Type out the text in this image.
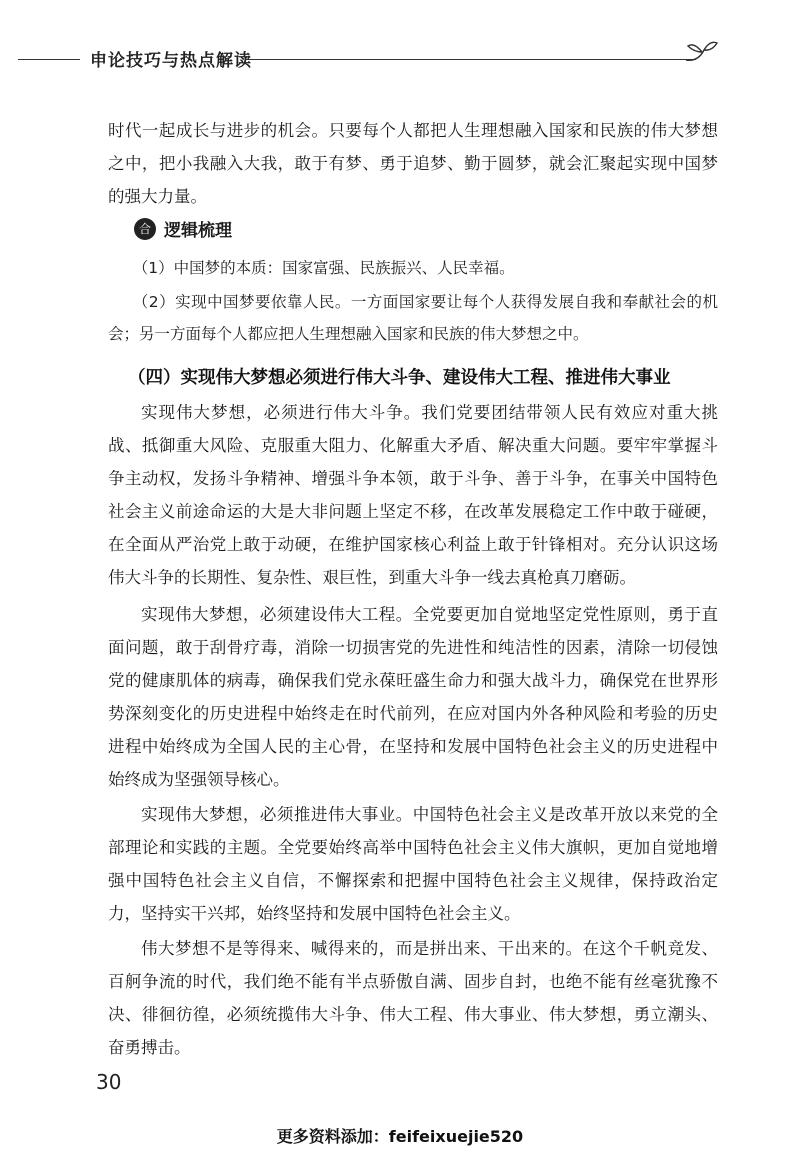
申论技巧与热点解读

时代一起成长与进步的机会。只要每个人都把人生理想融入国家和民族的伟大梦想之中，把小我融入大我，敢于有梦、勇于追梦、勤于圆梦，就会汇聚起实现中国梦的强大力量。

合 逻辑梳理

（1）中国梦的本质：国家富强、民族振兴、人民幸福。

（2）实现中国梦要依靠人民。一方面国家要让每个人获得发展自我和奉献社会的机会；另一方面每个人都应把人生理想融入国家和民族的伟大梦想之中。

（四）实现伟大梦想必须进行伟大斗争、建设伟大工程、推进伟大事业

实现伟大梦想，必须进行伟大斗争。我们党要团结带领人民有效应对重大挑战、抵御重大风险、克服重大阻力、化解重大矛盾、解决重大问题。要牢牢掌握斗争主动权，发扬斗争精神、增强斗争本领，敢于斗争、善于斗争，在事关中国特色社会主义前途命运的大是大非问题上坚定不移，在改革发展稳定工作中敢于碰硬，在全面从严治党上敢于动硬，在维护国家核心利益上敢于针锋相对。充分认识这场伟大斗争的长期性、复杂性、艰巨性，到重大斗争一线去真枪真刀磨砺。

实现伟大梦想，必须建设伟大工程。全党要更加自觉地坚定党性原则，勇于直面问题，敢于刮骨疗毒，消除一切损害党的先进性和纯洁性的因素，清除一切侵蚀党的健康肌体的病毒，确保我们党永葆旺盛生命力和强大战斗力，确保党在世界形势深刻变化的历史进程中始终走在时代前列，在应对国内外各种风险和考验的历史进程中始终成为全国人民的主心骨，在坚持和发展中国特色社会主义的历史进程中始终成为坚强领导核心。

实现伟大梦想，必须推进伟大事业。中国特色社会主义是改革开放以来党的全部理论和实践的主题。全党要始终高举中国特色社会主义伟大旗帜，更加自觉地增强中国特色社会主义自信，不懈探索和把握中国特色社会主义规律，保持政治定力，坚持实干兴邦，始终坚持和发展中国特色社会主义。

伟大梦想不是等得来、喊得来的，而是拼出来、干出来的。在这个千帆竞发、百舸争流的时代，我们绝不能有半点骄傲自满、固步自封，也绝不能有丝毫犹豫不决、徘徊彷徨，必须统揽伟大斗争、伟大工程、伟大事业、伟大梦想，勇立潮头、奋勇搏击。

30
更多资料添加：feifeixuejie520
